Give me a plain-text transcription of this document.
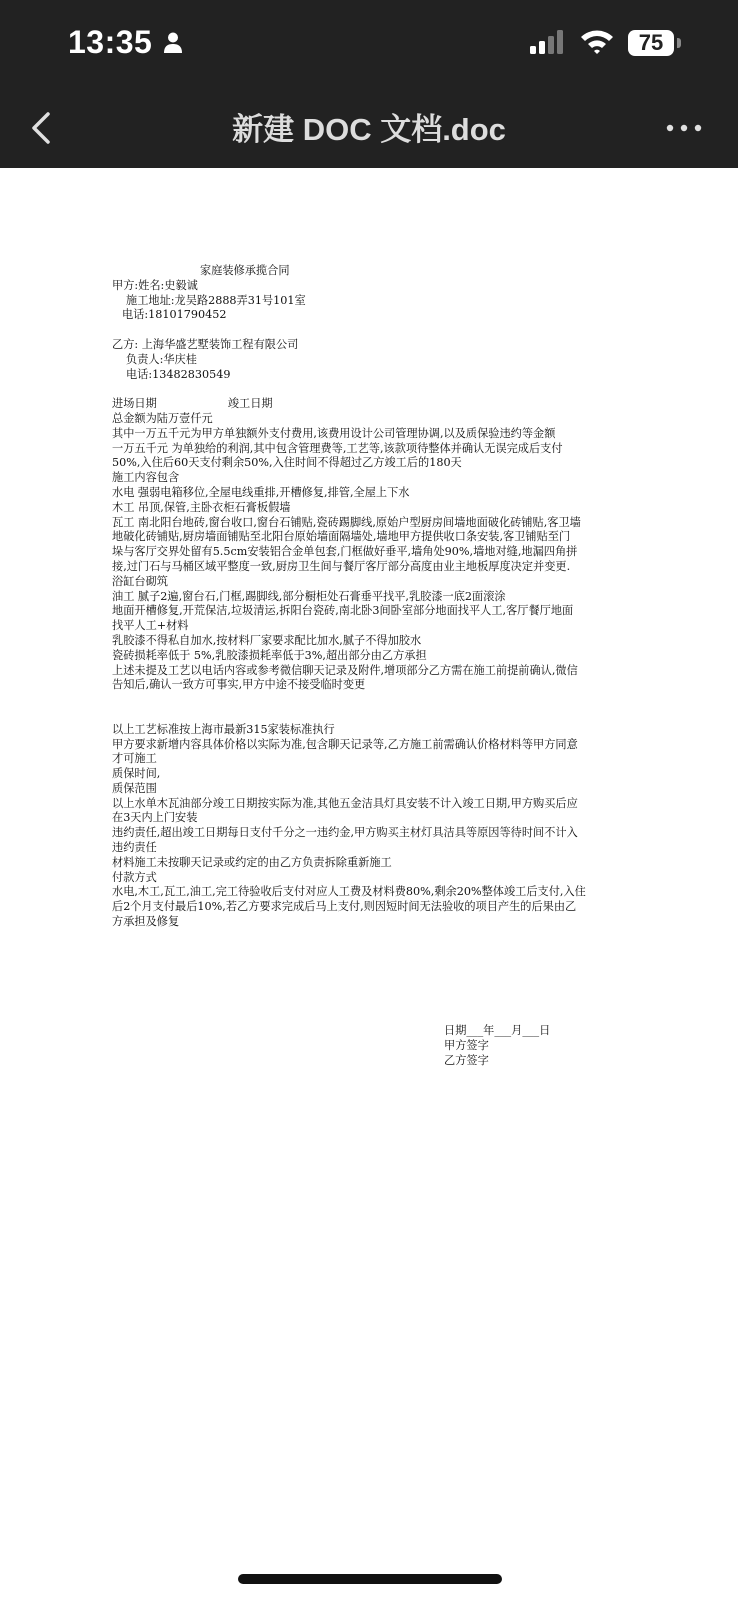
13:35	75
新建 DOC 文档.doc

家庭装修承揽合同

甲方:姓名:史毅诚

施工地址:龙吴路2888弄31号101室

电话:18101790452

乙方: 上海华盛艺墅装饰工程有限公司

负责人:华庆桂

电话:13482830549

进场日期                    竣工日期

总金额为陆万壹仟元

其中一万五千元为甲方单独额外支付费用,该费用设计公司管理协调,以及质保验违约等金额

一万五千元 为单独给的利润,其中包含管理费等,工艺等,该款项待整体并确认无误完成后支付

50%,入住后60天支付剩余50%,入住时间不得超过乙方竣工后的180天

施工内容包含

水电 强弱电箱移位,全屋电线重排,开槽修复,排管,全屋上下水

木工 吊顶,保管,主卧衣柜石膏板假墙

瓦工 南北阳台地砖,窗台收口,窗台石铺贴,瓷砖踢脚线,原始户型厨房间墙地面破化砖铺贴,客卫墙

地破化砖铺贴,厨房墙面铺贴至北阳台原始墙面隔墙处,墙地甲方提供收口条安装,客卫铺贴至门

垛与客厅交界处留有5.5cm安装铝合金单包套,门框做好垂平,墙角处90%,墙地对缝,地漏四角拼

接,过门石与马桶区域平整度一致,厨房卫生间与餐厅客厅部分高度由业主地板厚度决定并变更.

浴缸台砌筑

油工 腻子2遍,窗台石,门框,踢脚线,部分橱柜处石膏垂平找平,乳胶漆一底2面滚涂

地面开槽修复,开荒保洁,垃圾清运,拆阳台瓷砖,南北卧3间卧室部分地面找平人工,客厅餐厅地面

找平人工+材料

乳胶漆不得私自加水,按材料厂家要求配比加水,腻子不得加胶水

瓷砖损耗率低于 5%,乳胶漆损耗率低于3%,超出部分由乙方承担

上述未提及工艺以电话内容或参考微信聊天记录及附件,增项部分乙方需在施工前提前确认,微信

告知后,确认一致方可事实,甲方中途不接受临时变更

以上工艺标准按上海市最新315家装标准执行

甲方要求新增内容具体价格以实际为准,包含聊天记录等,乙方施工前需确认价格材料等甲方同意

才可施工

质保时间,

质保范围

以上水单木瓦油部分竣工日期按实际为准,其他五金洁具灯具安装不计入竣工日期,甲方购买后应

在3天内上门安装

违约责任,超出竣工日期每日支付千分之一违约金,甲方购买主材灯具洁具等原因等待时间不计入

违约责任

材料施工未按聊天记录或约定的由乙方负责拆除重新施工

付款方式

水电,木工,瓦工,油工,完工待验收后支付对应人工费及材料费80%,剩余20%整体竣工后支付,入住

后2个月支付最后10%,若乙方要求完成后马上支付,则因短时间无法验收的项目产生的后果由乙

方承担及修复

日期___年___月___日

甲方签字

乙方签字
